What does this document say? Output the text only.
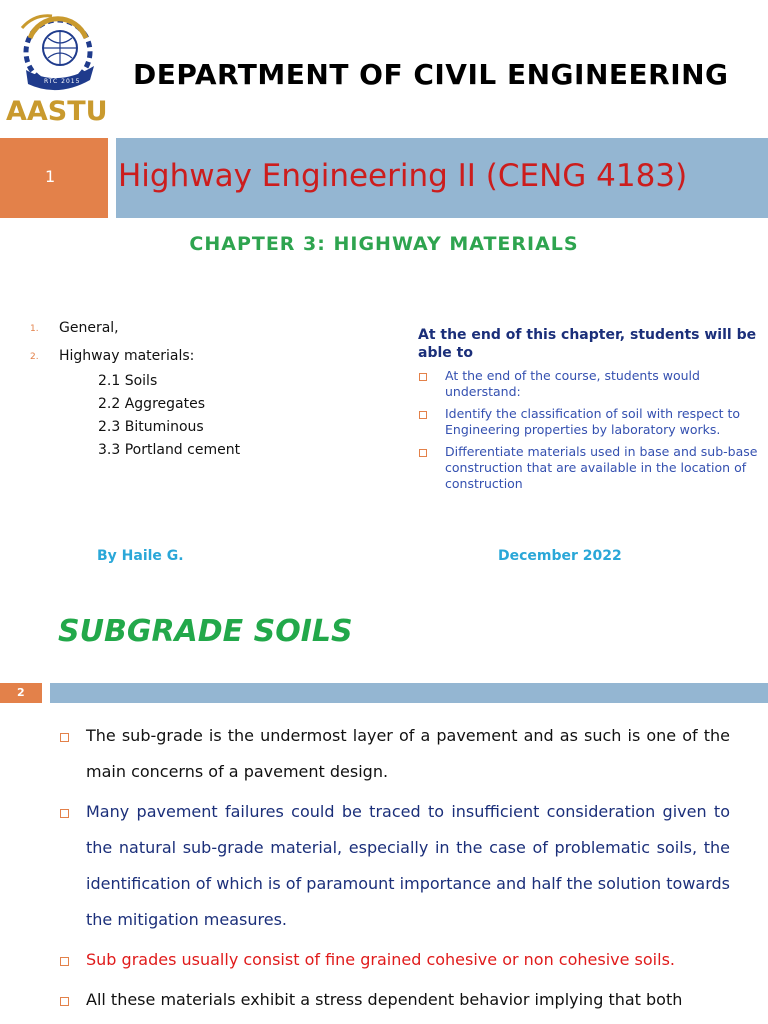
RTC 2015
AASTU
DEPARTMENT OF CIVIL ENGINEERING
1 Highway Engineering II (CENG 4183)
CHAPTER 3: HIGHWAY MATERIALS
1. General,
2. Highway materials:
2.1 Soils
2.2 Aggregates
2.3 Bituminous
3.3 Portland cement
At the end of this chapter, students will be able to
At the end of the course, students would understand:
Identify the classification of soil with respect to Engineering properties by laboratory works.
Differentiate materials used in base and sub-base construction that are available in the location of construction
By Haile G.	December 2022
SUBGRADE SOILS
2
The sub-grade is the undermost layer of a pavement and as such is one of the main concerns of a pavement design.
Many pavement failures could be traced to insufficient consideration given to the natural sub-grade material, especially in the case of problematic soils, the identification of which is of paramount importance and half the solution towards the mitigation measures.
Sub grades usually consist of fine grained cohesive or non cohesive soils.
All these materials exhibit a stress dependent behavior implying that both
